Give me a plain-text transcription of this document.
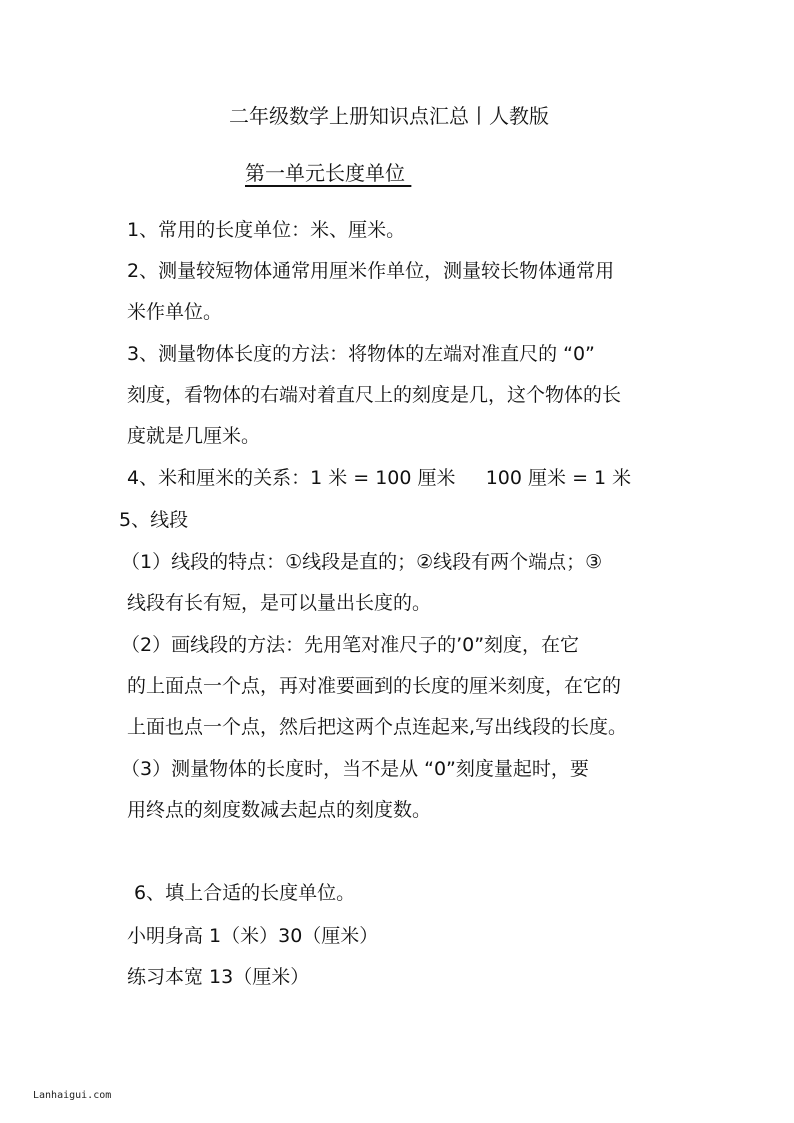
二年级数学上册知识点汇总丨人教版
第一单元长度单位
1、常用的长度单位：米、厘米。
2、测量较短物体通常用厘米作单位，测量较长物体通常用
米作单位。
3、测量物体长度的方法：将物体的左端对准直尺的 “0”
刻度，看物体的右端对着直尺上的刻度是几，这个物体的长
度就是几厘米。
4、米和厘米的关系：1 米 = 100 厘米     100 厘米 = 1 米
5、线段
（1）线段的特点：①线段是直的；②线段有两个端点；③
线段有长有短，是可以量出长度的。
（2）画线段的方法：先用笔对准尺子的’0”刻度，在它
的上面点一个点，再对准要画到的长度的厘米刻度，在它的
上面也点一个点，然后把这两个点连起来,写出线段的长度。
（3）测量物体的长度时，当不是从 “0”刻度量起时，要
用终点的刻度数减去起点的刻度数。
6、填上合适的长度单位。
小明身高 1（米）30（厘米）
练习本宽 13（厘米）
Lanhaigui.com
